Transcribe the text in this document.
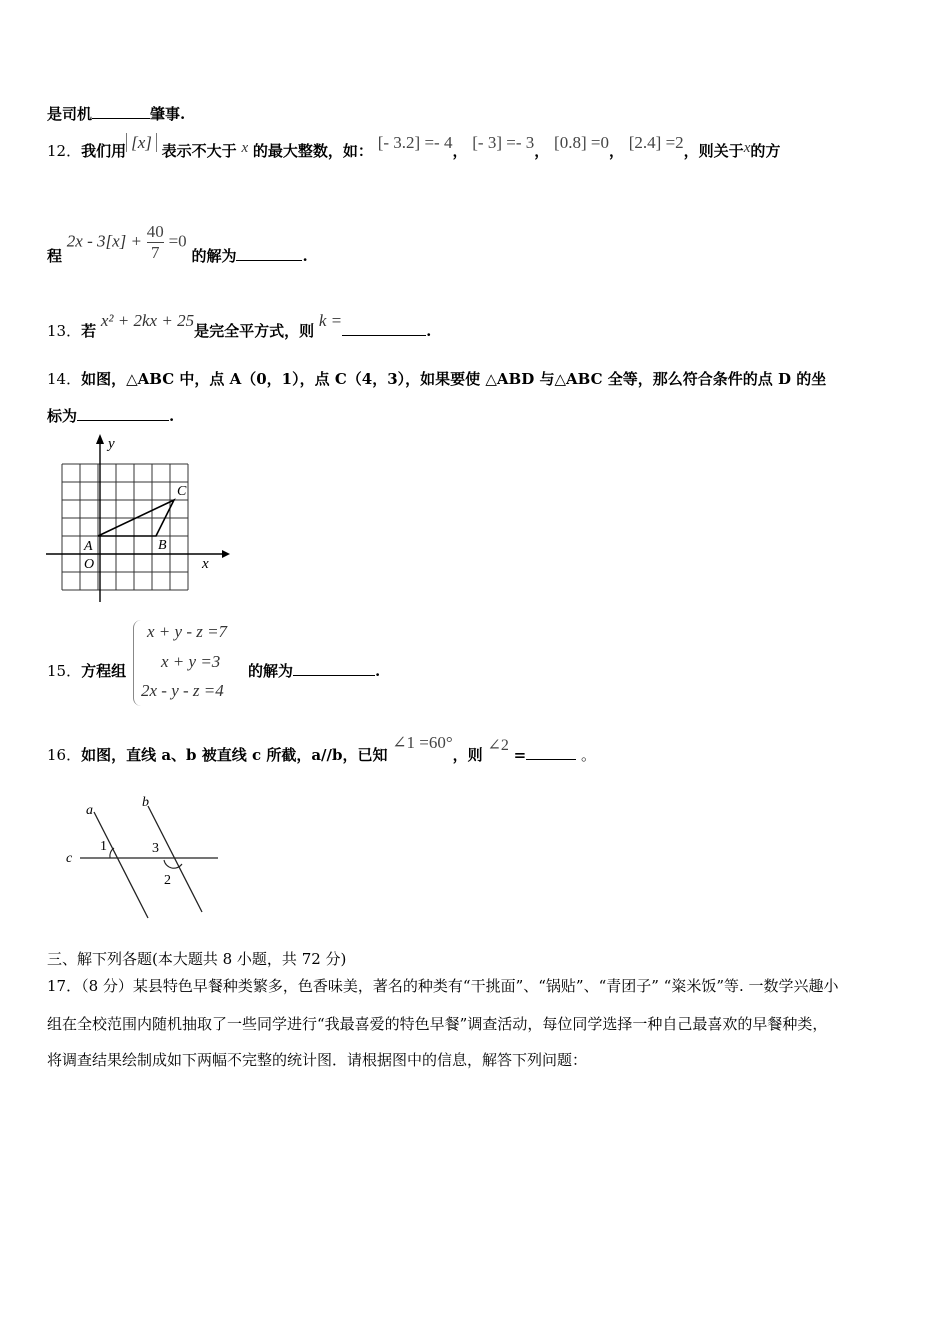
是司机	肇事.
12．我们用 [x] 表示不大于 x 的最大整数，如： [- 3.2] =- 4， [- 3] =- 3， [0.8] =0， [2.4] =2，则关于x的方
程 $2x - 3[x] + \frac{40}{7} =0$ 的解为	.
13．若 x² + 2kx + 25是完全平方式，则 k =.
14．如图，△ABC 中，点 A（0，1），点 C（4，3），如果要使 △ABD 与△ABC 全等，那么符合条件的点 D 的坐
标为	.
y
x
A	B
C
O
15．方程组
x + y - z =7
x + y =3
2x - y - z =4
的解为	.
16．如图，直线 a、b 被直线 c 所截，a//b，已知 ∠1 =60°，则 ∠2 =	。
a
b
c
1	3
2
三、解下列各题(本大题共 8 小题，共 72 分)
17．（8 分）某县特色早餐种类繁多，色香味美，著名的种类有“干挑面”、“锅贴”、“青团子” “粢米饭”等. 一数学兴趣小
组在全校范围内随机抽取了一些同学进行“我最喜爱的特色早餐”调查活动，每位同学选择一种自己最喜欢的早餐种类，
将调查结果绘制成如下两幅不完整的统计图．请根据图中的信息，解答下列问题：
